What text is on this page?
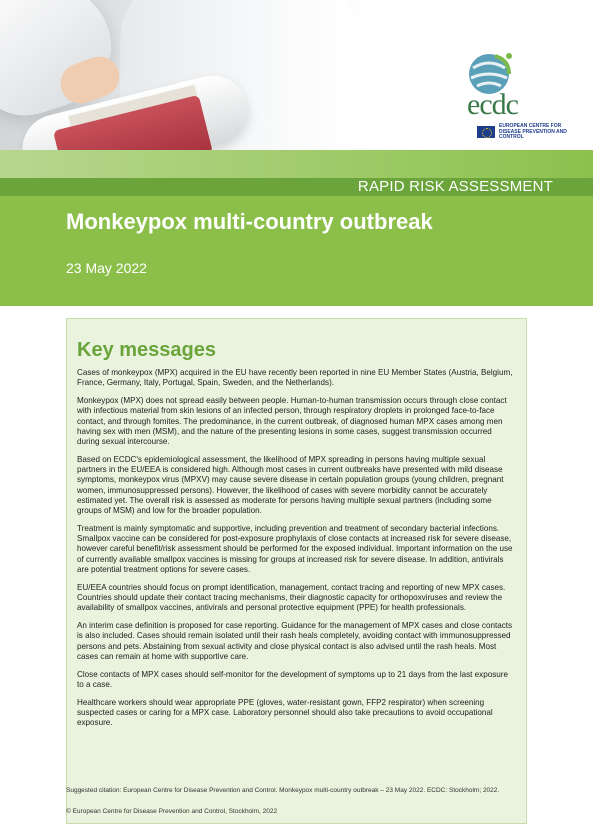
ecdc
EUROPEAN CENTRE FOR DISEASE PREVENTION AND CONTROL
RAPID RISK ASSESSMENT
Monkeypox multi-country outbreak
23 May 2022
Key messages

Cases of monkeypox (MPX) acquired in the EU have recently been reported in nine EU Member States (Austria, Belgium, France, Germany, Italy, Portugal, Spain, Sweden, and the Netherlands).

Monkeypox (MPX) does not spread easily between people. Human-to-human transmission occurs through close contact with infectious material from skin lesions of an infected person, through respiratory droplets in prolonged face-to-face contact, and through fomites. The predominance, in the current outbreak, of diagnosed human MPX cases among men having sex with men (MSM), and the nature of the presenting lesions in some cases, suggest transmission occurred during sexual intercourse.

Based on ECDC's epidemiological assessment, the likelihood of MPX spreading in persons having multiple sexual partners in the EU/EEA is considered high. Although most cases in current outbreaks have presented with mild disease symptoms, monkeypox virus (MPXV) may cause severe disease in certain population groups (young children, pregnant women, immunosuppressed persons). However, the likelihood of cases with severe morbidity cannot be accurately estimated yet. The overall risk is assessed as moderate for persons having multiple sexual partners (including some groups of MSM) and low for the broader population.

Treatment is mainly symptomatic and supportive, including prevention and treatment of secondary bacterial infections. Smallpox vaccine can be considered for post-exposure prophylaxis of close contacts at increased risk for severe disease, however careful benefit/risk assessment should be performed for the exposed individual. Important information on the use of currently available smallpox vaccines is missing for groups at increased risk for severe disease. In addition, antivirals are potential treatment options for severe cases.

EU/EEA countries should focus on prompt identification, management, contact tracing and reporting of new MPX cases. Countries should update their contact tracing mechanisms, their diagnostic capacity for orthopoxviruses and review the availability of smallpox vaccines, antivirals and personal protective equipment (PPE) for health professionals.

An interim case definition is proposed for case reporting. Guidance for the management of MPX cases and close contacts is also included. Cases should remain isolated until their rash heals completely, avoiding contact with immunosuppressed persons and pets. Abstaining from sexual activity and close physical contact is also advised until the rash heals. Most cases can remain at home with supportive care.

Close contacts of MPX cases should self-monitor for the development of symptoms up to 21 days from the last exposure to a case.

Healthcare workers should wear appropriate PPE (gloves, water-resistant gown, FFP2 respirator) when screening suspected cases or caring for a MPX case. Laboratory personnel should also take precautions to avoid occupational exposure.

Suggested citation: European Centre for Disease Prevention and Control. Monkeypox multi-country outbreak – 23 May 2022. ECDC: Stockholm; 2022.
© European Centre for Disease Prevention and Control, Stockholm, 2022
